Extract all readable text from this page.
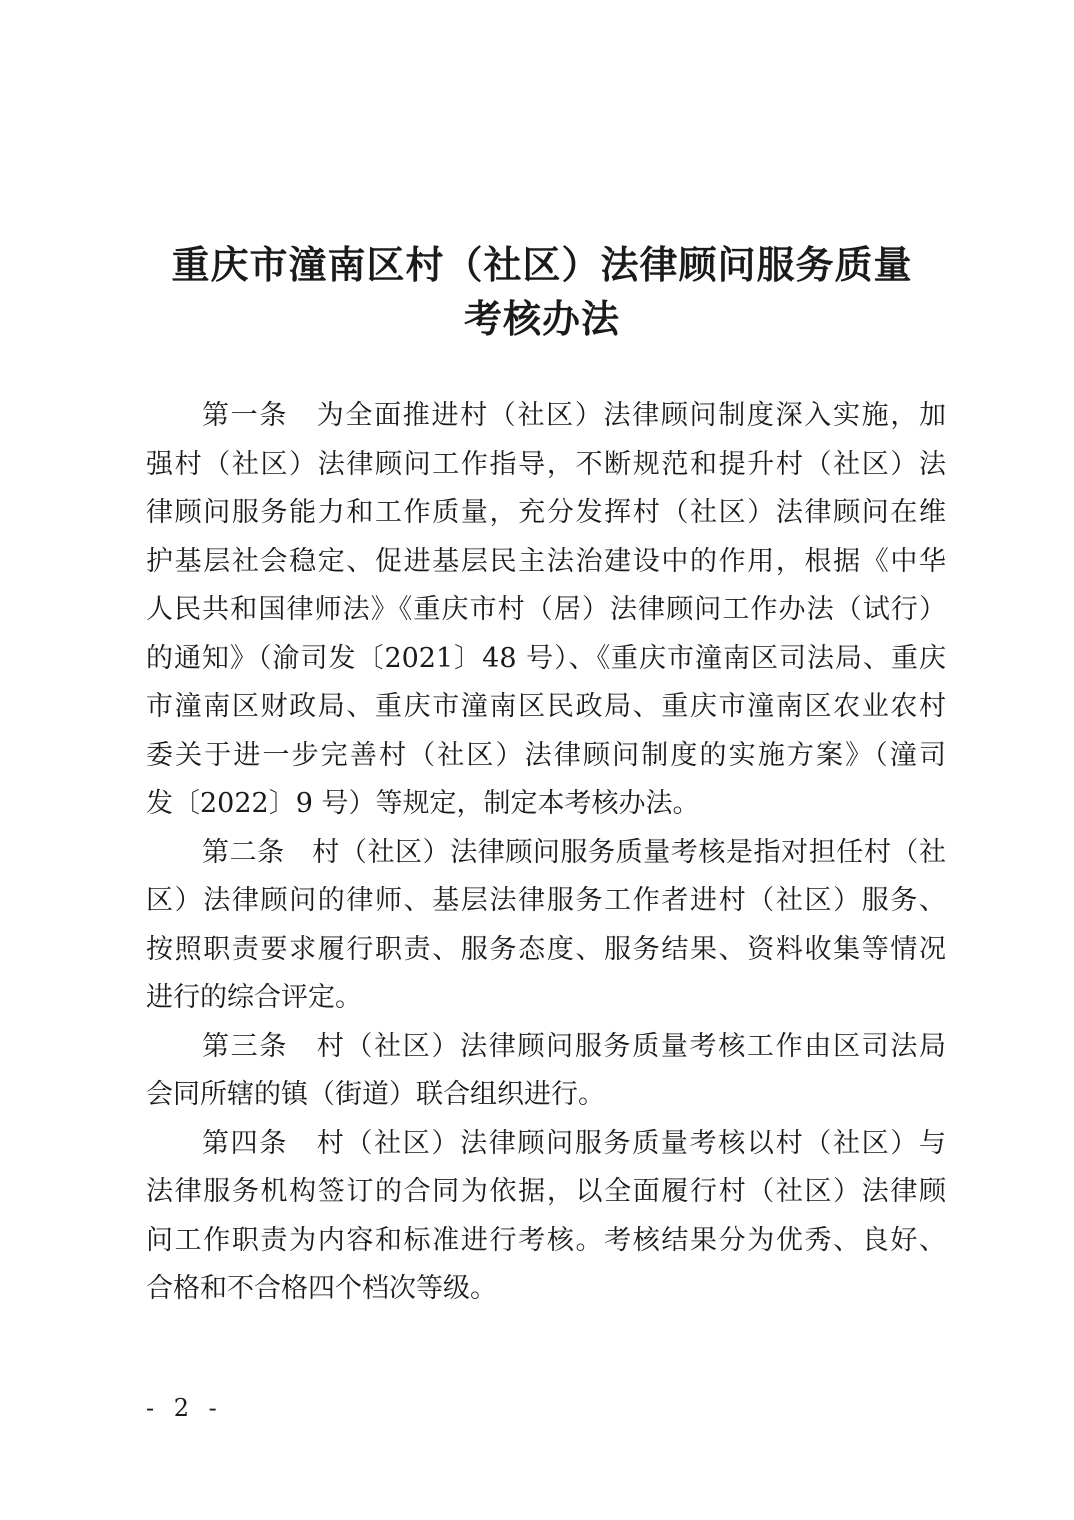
重庆市潼南区村（社区）法律顾问服务质量
考核办法
第一条　为全面推进村（社区）法律顾问制度深入实施，加
强村（社区）法律顾问工作指导，不断规范和提升村（社区）法
律顾问服务能力和工作质量，充分发挥村（社区）法律顾问在维
护基层社会稳定、促进基层民主法治建设中的作用，根据《中华
人民共和国律师法》《重庆市村（居）法律顾问工作办法（试行）
的通知》（渝司发〔2021〕48 号）、《重庆市潼南区司法局、重庆
市潼南区财政局、重庆市潼南区民政局、重庆市潼南区农业农村
委关于进一步完善村（社区）法律顾问制度的实施方案》（潼司
发〔2022〕9 号）等规定，制定本考核办法。
第二条　村（社区）法律顾问服务质量考核是指对担任村（社
区）法律顾问的律师、基层法律服务工作者进村（社区）服务、
按照职责要求履行职责、服务态度、服务结果、资料收集等情况
进行的综合评定。
第三条　村（社区）法律顾问服务质量考核工作由区司法局
会同所辖的镇（街道）联合组织进行。
第四条　村（社区）法律顾问服务质量考核以村（社区）与
法律服务机构签订的合同为依据，以全面履行村（社区）法律顾
问工作职责为内容和标准进行考核。考核结果分为优秀、良好、
合格和不合格四个档次等级。
- 2 -
